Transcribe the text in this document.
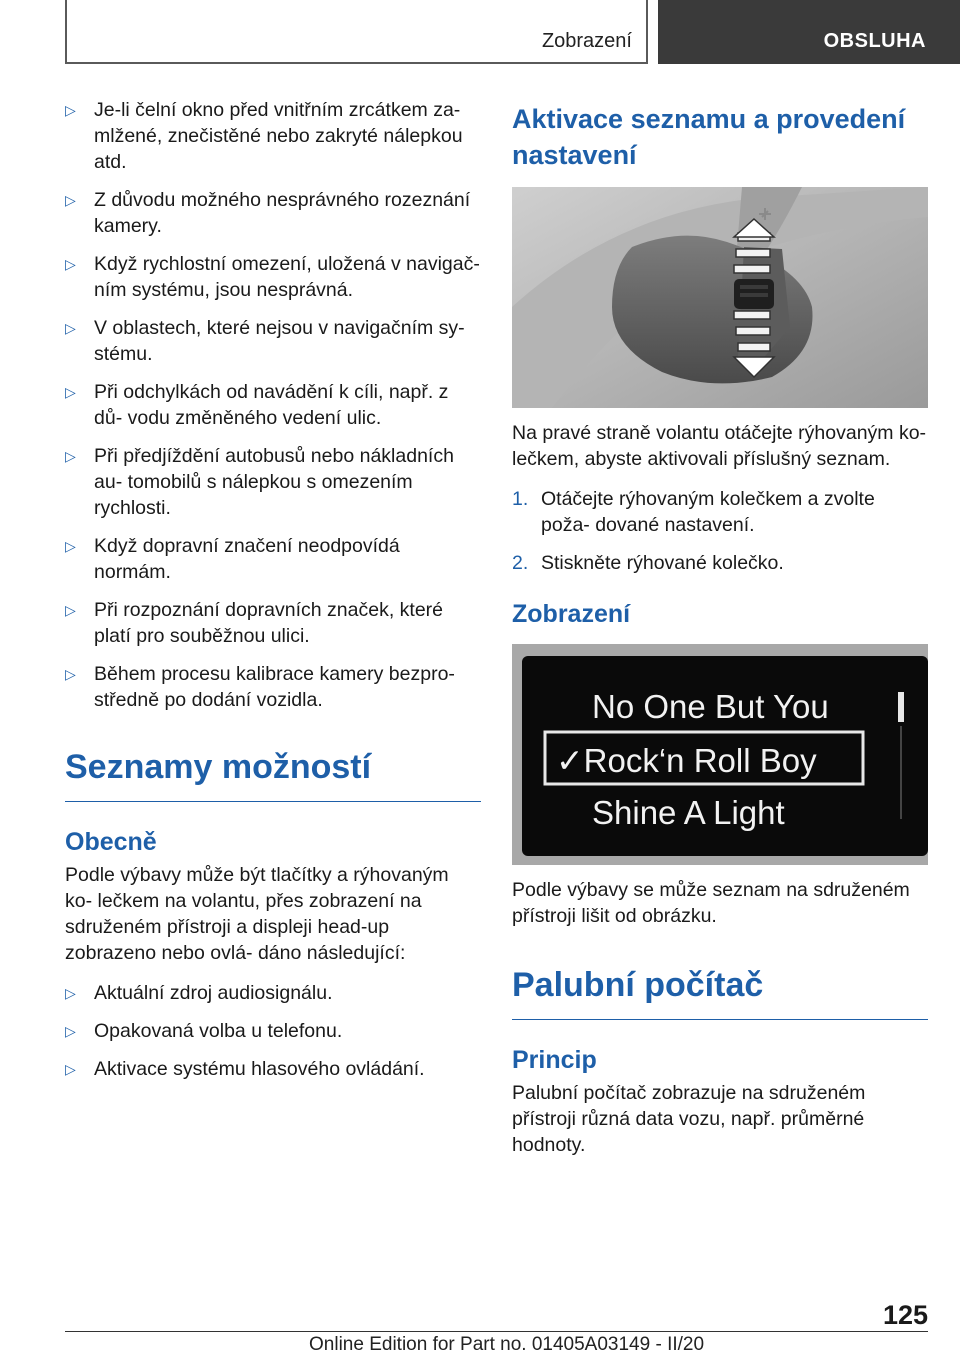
Zobrazení	OBSLUHA
▷ Je-li čelní okno před vnitřním zrcátkem za‐ mlžené, znečistěné nebo zakryté nálepkou atd.
▷ Z důvodu možného nesprávného rozeznání kamery.
▷ Když rychlostní omezení, uložená v navigač‐ ním systému, jsou nesprávná.
▷ V oblastech, které nejsou v navigačním sy‐ stému.
▷ Při odchylkách od navádění k cíli, např. z dů‐ vodu změněného vedení ulic.
▷ Při předjíždění autobusů nebo nákladních au‐ tomobilů s nálepkou s omezením rychlosti.
▷ Když dopravní značení neodpovídá normám.
▷ Při rozpoznání dopravních značek, které platí pro souběžnou ulici.
▷ Během procesu kalibrace kamery bezpro‐ středně po dodání vozidla.
Seznamy možností
Obecně

Podle výbavy může být tlačítky a rýhovaným ko‐ lečkem na volantu, přes zobrazení na sdruženém přístroji a displeji head-up zobrazeno nebo ovlá‐ dáno následující:

▷ Aktuální zdroj audiosignálu.
▷ Opakovaná volba u telefonu.
▷ Aktivace systému hlasového ovládání.
Aktivace seznamu a provedení nastavení

Na pravé straně volantu otáčejte rýhovaným ko‐ lečkem, abyste aktivovali příslušný seznam.

1. Otáčejte rýhovaným kolečkem a zvolte poža‐ dované nastavení.
2. Stiskněte rýhované kolečko.
Zobrazení
No One But You
✓Rock‘n Roll Boy
Shine A Light

Podle výbavy se může seznam na sdruženém přístroji lišit od obrázku.

Palubní počítač
Princip

Palubní počítač zobrazuje na sdruženém přístroji různá data vozu, např. průměrné hodnoty.

125
Online Edition for Part no. 01405A03149 - II/20
